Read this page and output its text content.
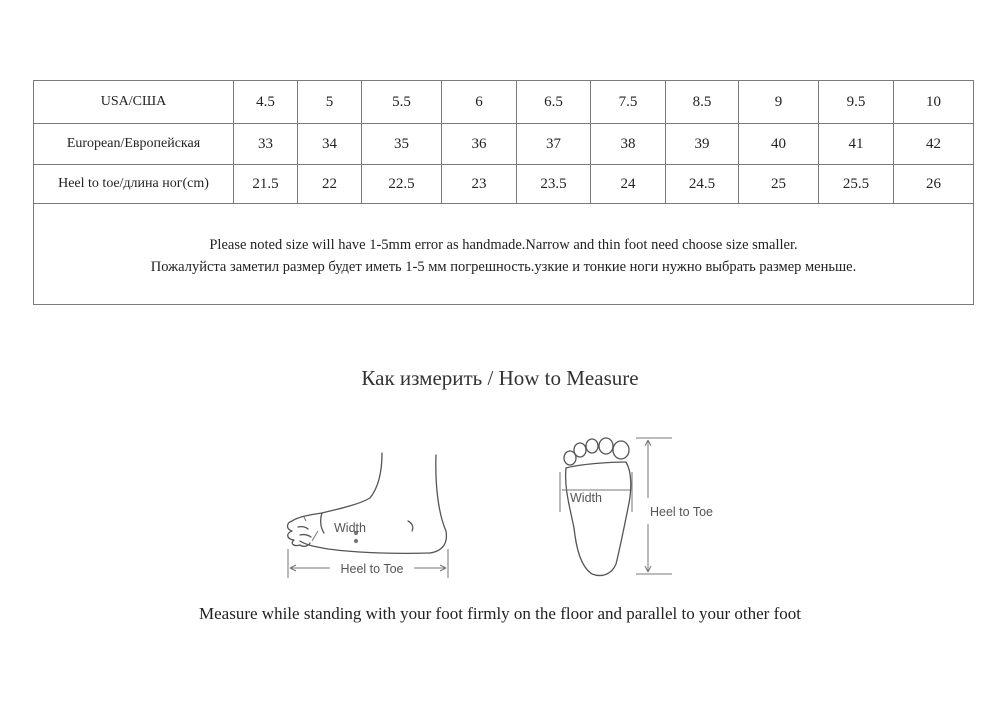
USA/США	4.5	5	5.5	6	6.5	7.5	8.5	9	9.5	10
European/Европейская	33	34	35	36	37	38	39	40	41	42
Heel to toe/длина ног(cm)	21.5	22	22.5	23	23.5	24	24.5	25	25.5	26

Please noted size will have 1-5mm error as handmade.Narrow and thin foot need choose size smaller.
Пожалуйста заметил размер будет иметь 1-5 мм погрешность.узкие и тонкие ноги нужно выбрать размер меньше.										
Как измерить / How to Measure
Width
Heel to Toe
Width
Heel to Toe
Measure while standing with your foot firmly on the floor and parallel to your other foot
